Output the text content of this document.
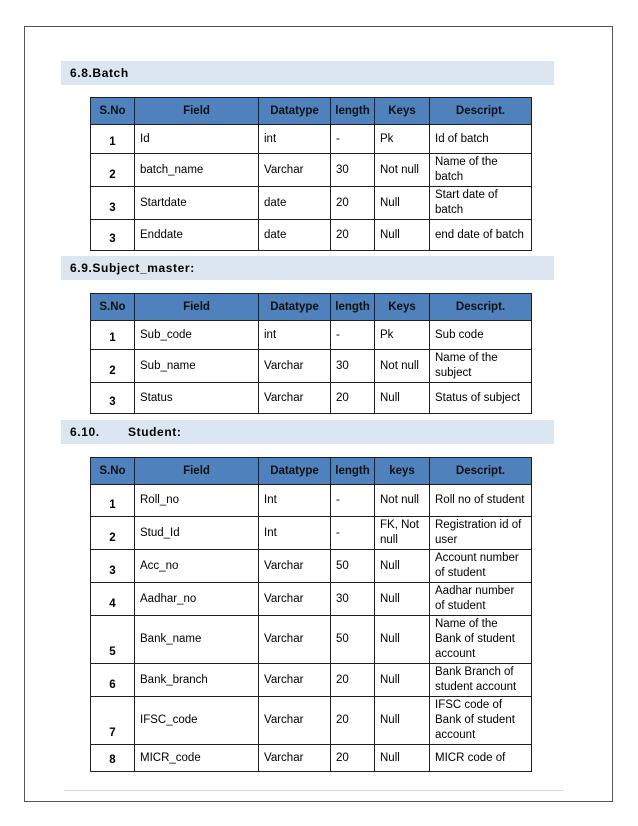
6.8. Batch
S.No	Field	Datatype	length	Keys	Descript.
1	Id	int	-	Pk	Id of batch
2	batch_name	Varchar	30	Not null	Name of the batch
3	Startdate	date	20	Null	Start date of batch
3	Enddate	date	20	Null	end date of batch
6.9. Subject_master:
S.No	Field	Datatype	length	Keys	Descript.
1	Sub_code	int	-	Pk	Sub code
2	Sub_name	Varchar	30	Not null	Name of the subject
3	Status	Varchar	20	Null	Status of subject
6.10.	Student:
S.No	Field	Datatype	length	keys	Descript.
1	Roll_no	Int	-	Not null	Roll no of student
2	Stud_Id	Int	-	FK, Not null	Registration id of user
3	Acc_no	Varchar	50	Null	Account number of student
4	Aadhar_no	Varchar	30	Null	Aadhar number of student
5	Bank_name	Varchar	50	Null	Name of the Bank of student account
6	Bank_branch	Varchar	20	Null	Bank Branch of student account
7	IFSC_code	Varchar	20	Null	IFSC code of Bank of student account
8	MICR_code	Varchar	20	Null	MICR code of
